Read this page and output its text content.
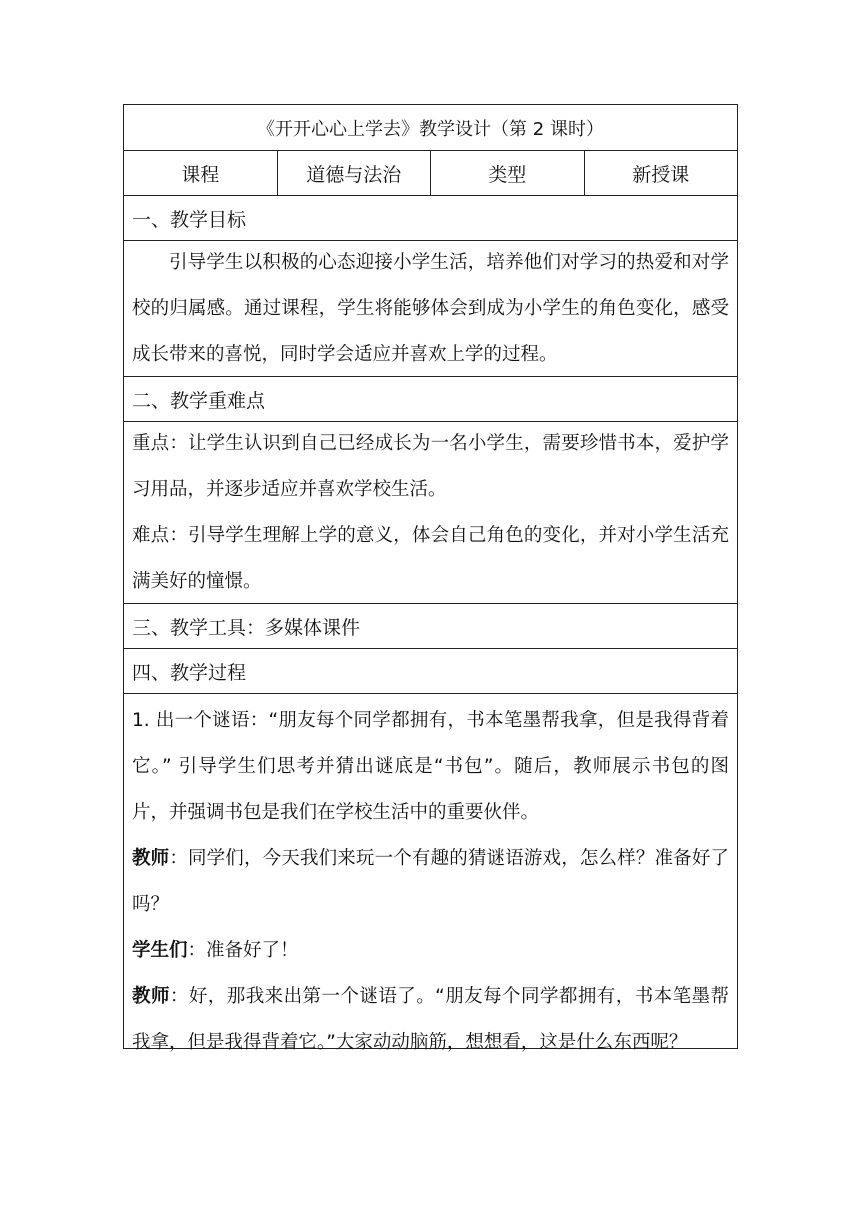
《开开心心上学去》教学设计（第 2 课时）
课程	道德与法治	类型	新授课
一、教学目标

引导学生以积极的心态迎接小学生活，培养他们对学习的热爱和对学校的归属感。通过课程，学生将能够体会到成为小学生的角色变化，感受成长带来的喜悦，同时学会适应并喜欢上学的过程。

二、教学重难点

重点：让学生认识到自己已经成长为一名小学生，需要珍惜书本，爱护学习用品，并逐步适应并喜欢学校生活。

难点：引导学生理解上学的意义，体会自己角色的变化，并对小学生活充满美好的憧憬。

三、教学工具：多媒体课件
四、教学过程

1. 出一个谜语：“朋友每个同学都拥有，书本笔墨帮我拿，但是我得背着它。” 引导学生们思考并猜出谜底是“书包”。随后，教师展示书包的图片，并强调书包是我们在学校生活中的重要伙伴。

教师：同学们，今天我们来玩一个有趣的猜谜语游戏，怎么样？准备好了吗？

学生们：准备好了！

教师：好，那我来出第一个谜语了。“朋友每个同学都拥有，书本笔墨帮我拿，但是我得背着它。”大家动动脑筋，想想看，这是什么东西呢？
